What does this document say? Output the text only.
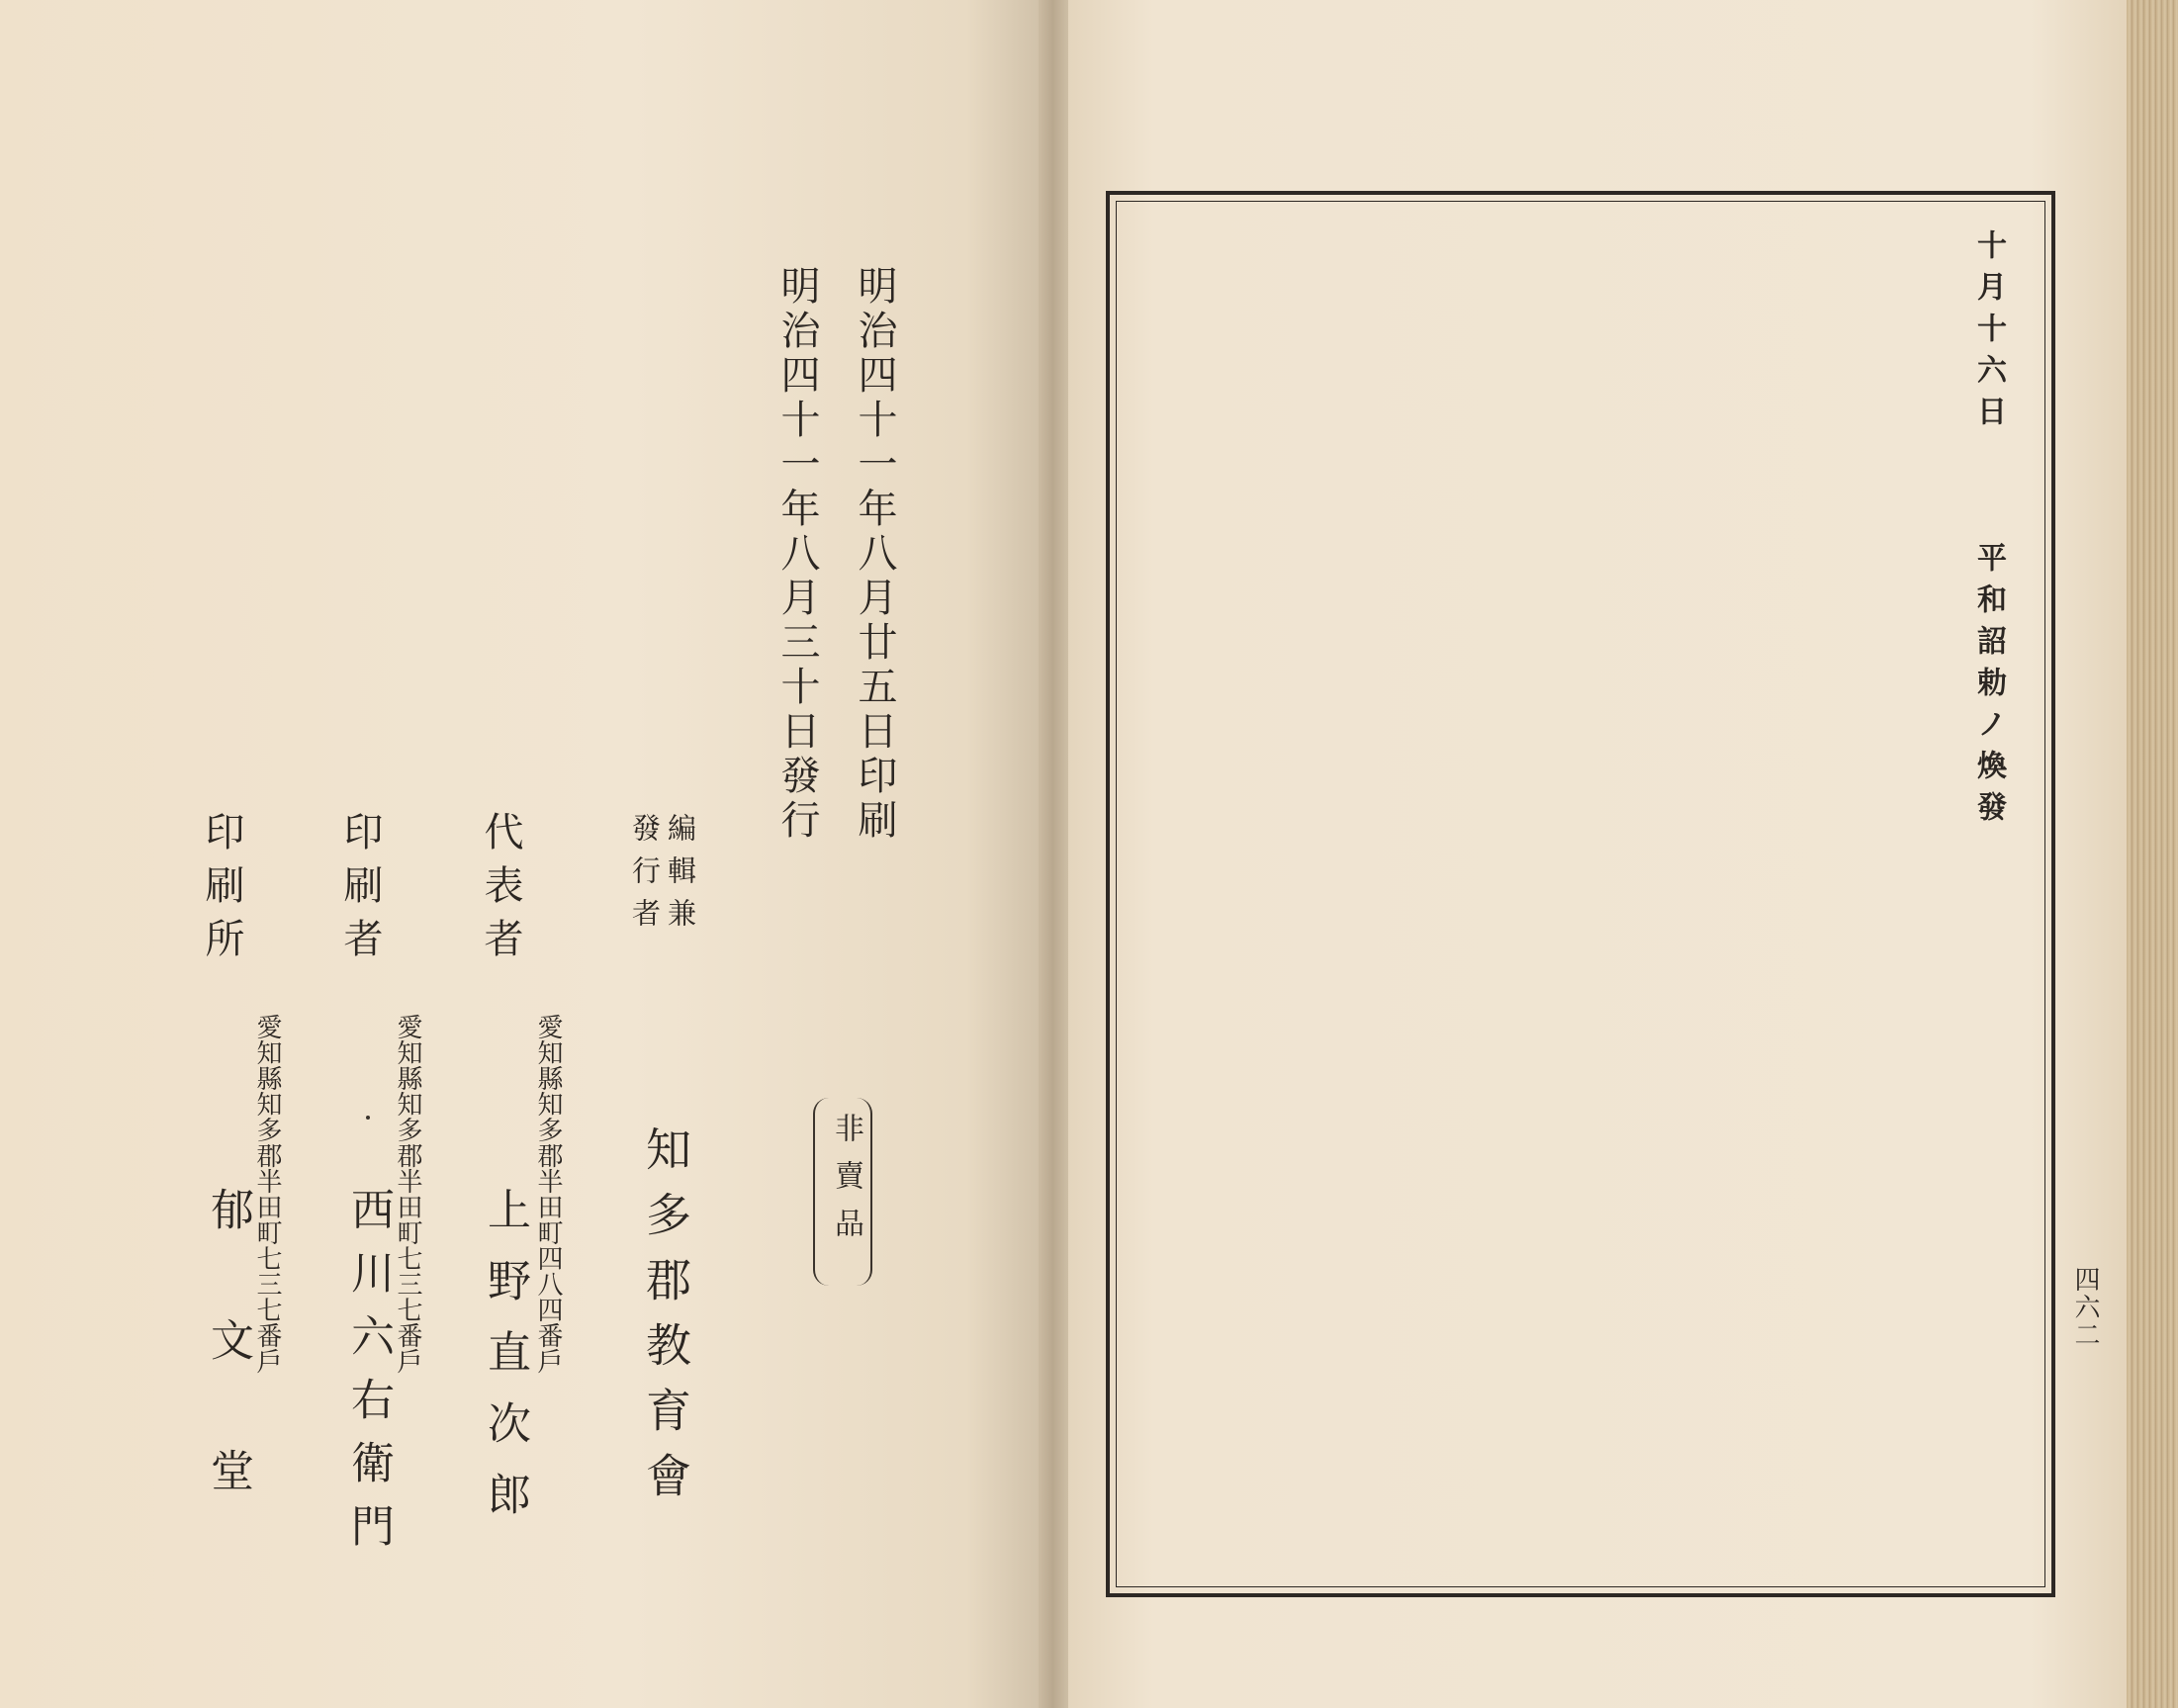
明治四十一年八月廿五日印刷
明治四十一年八月三十日發行
編輯兼
發行者
知多郡教育會
代表者
愛知縣知多郡半田町四八四番戶
上野直次郎
印刷者
愛知縣知多郡半田町七三七番戶
西川六右衛門
印刷所
愛知縣知多郡半田町七三七番戶
郁文堂
非賣品
十月十六日
平和詔勅ノ煥發
四六二
